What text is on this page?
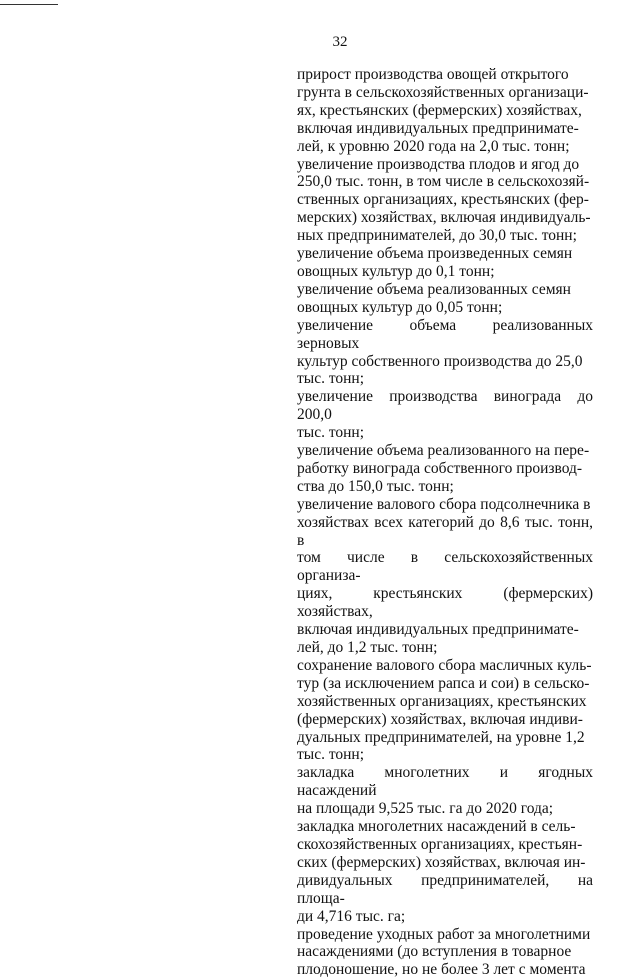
32

прирост производства овощей открытого
грунта в сельскохозяйственных организаци-
ях, крестьянских (фермерских) хозяйствах,
включая индивидуальных предпринимате-
лей, к уровню 2020 года на 2,0 тыс. тонн;

увеличение производства плодов и ягод до
250,0 тыс. тонн, в том числе в сельскохозяй-
ственных организациях, крестьянских (фер-
мерских) хозяйствах, включая индивидуаль-
ных предпринимателей, до 30,0 тыс. тонн;

увеличение объема произведенных семян
овощных культур до 0,1 тонн;

увеличение объема реализованных семян
овощных культур до 0,05 тонн;

увеличение объема реализованных зерновых
культур собственного производства до 25,0
тыс. тонн;

увеличение производства винограда до 200,0
тыс. тонн;

увеличение объема реализованного на пере-
работку винограда собственного производ-
ства до 150,0 тыс. тонн;

увеличение валового сбора подсолнечника в
хозяйствах всех категорий до 8,6 тыс. тонн, в
том числе в сельскохозяйственных организа-
циях, крестьянских (фермерских) хозяйствах,
включая индивидуальных предпринимате-
лей, до 1,2 тыс. тонн;

сохранение валового сбора масличных куль-
тур (за исключением рапса и сои) в сельско-
хозяйственных организациях, крестьянских
(фермерских) хозяйствах, включая индиви-
дуальных предпринимателей, на уровне 1,2
тыс. тонн;

закладка многолетних и ягодных насаждений
на площади 9,525 тыс. га до 2020 года;

закладка многолетних насаждений в сель-
скохозяйственных организациях, крестьян-
ских (фермерских) хозяйствах, включая ин-
дивидуальных предпринимателей, на площа-
ди 4,716 тыс. га;

проведение уходных работ за многолетними
насаждениями (до вступления в товарное
плодоношение, но не более 3 лет с момента
